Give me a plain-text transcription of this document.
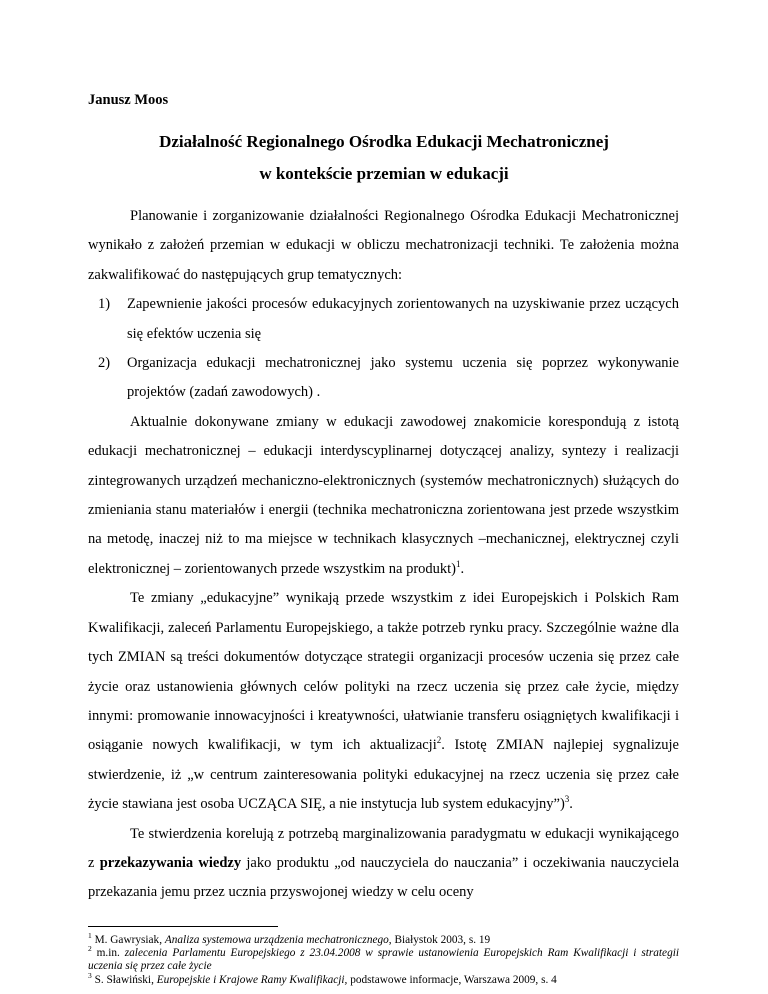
Janusz Moos
Działalność Regionalnego Ośrodka Edukacji Mechatronicznej
w kontekście przemian w edukacji

Planowanie i zorganizowanie działalności Regionalnego Ośrodka Edukacji Mechatronicznej wynikało z założeń przemian w edukacji w obliczu mechatronizacji techniki. Te założenia można zakwalifikować do następujących grup tematycznych:

1) Zapewnienie jakości procesów edukacyjnych zorientowanych na uzyskiwanie przez uczących się efektów uczenia się
2) Organizacja edukacji mechatronicznej jako systemu uczenia się poprzez wykonywanie projektów (zadań zawodowych) .

Aktualnie dokonywane zmiany w edukacji zawodowej znakomicie korespondują z istotą edukacji mechatronicznej – edukacji interdyscyplinarnej dotyczącej analizy, syntezy i realizacji zintegrowanych urządzeń mechaniczno-elektronicznych (systemów mechatronicznych) służących do zmieniania stanu materiałów i energii (technika mechatroniczna zorientowana jest przede wszystkim na metodę, inaczej niż to ma miejsce w technikach klasycznych –mechanicznej, elektrycznej czyli elektronicznej – zorientowanych przede wszystkim na produkt)$^1$.

Te zmiany „edukacyjne” wynikają przede wszystkim z idei Europejskich i Polskich Ram Kwalifikacji, zaleceń Parlamentu Europejskiego, a także potrzeb rynku pracy. Szczególnie ważne dla tych ZMIAN są treści dokumentów dotyczące strategii organizacji procesów uczenia się przez całe życie oraz ustanowienia głównych celów polityki na rzecz uczenia się przez całe życie, między innymi: promowanie innowacyjności i kreatywności, ułatwianie transferu osiągniętych kwalifikacji i osiąganie nowych kwalifikacji, w tym ich aktualizacji$^2$. Istotę ZMIAN najlepiej sygnalizuje stwierdzenie, iż „w centrum zainteresowania polityki edukacyjnej na rzecz uczenia się przez całe życie stawiana jest osoba UCZĄCA SIĘ, a nie instytucja lub system edukacyjny”)$^3$.

Te stwierdzenia korelują z potrzebą marginalizowania paradygmatu w edukacji wynikającego z przekazywania wiedzy jako produktu „od nauczyciela do nauczania” i oczekiwania nauczyciela przekazania jemu przez ucznia przyswojonej wiedzy w celu oceny

$^1$ M. Gawrysiak, Analiza systemowa urządzenia mechatronicznego, Białystok 2003, s. 19
$^2$ m.in. zalecenia Parlamentu Europejskiego z 23.04.2008 w sprawie ustanowienia Europejskich Ram Kwalifikacji i strategii uczenia się przez całe życie
$^3$ S. Sławiński, Europejskie i Krajowe Ramy Kwalifikacji, podstawowe informacje, Warszawa 2009, s. 4
